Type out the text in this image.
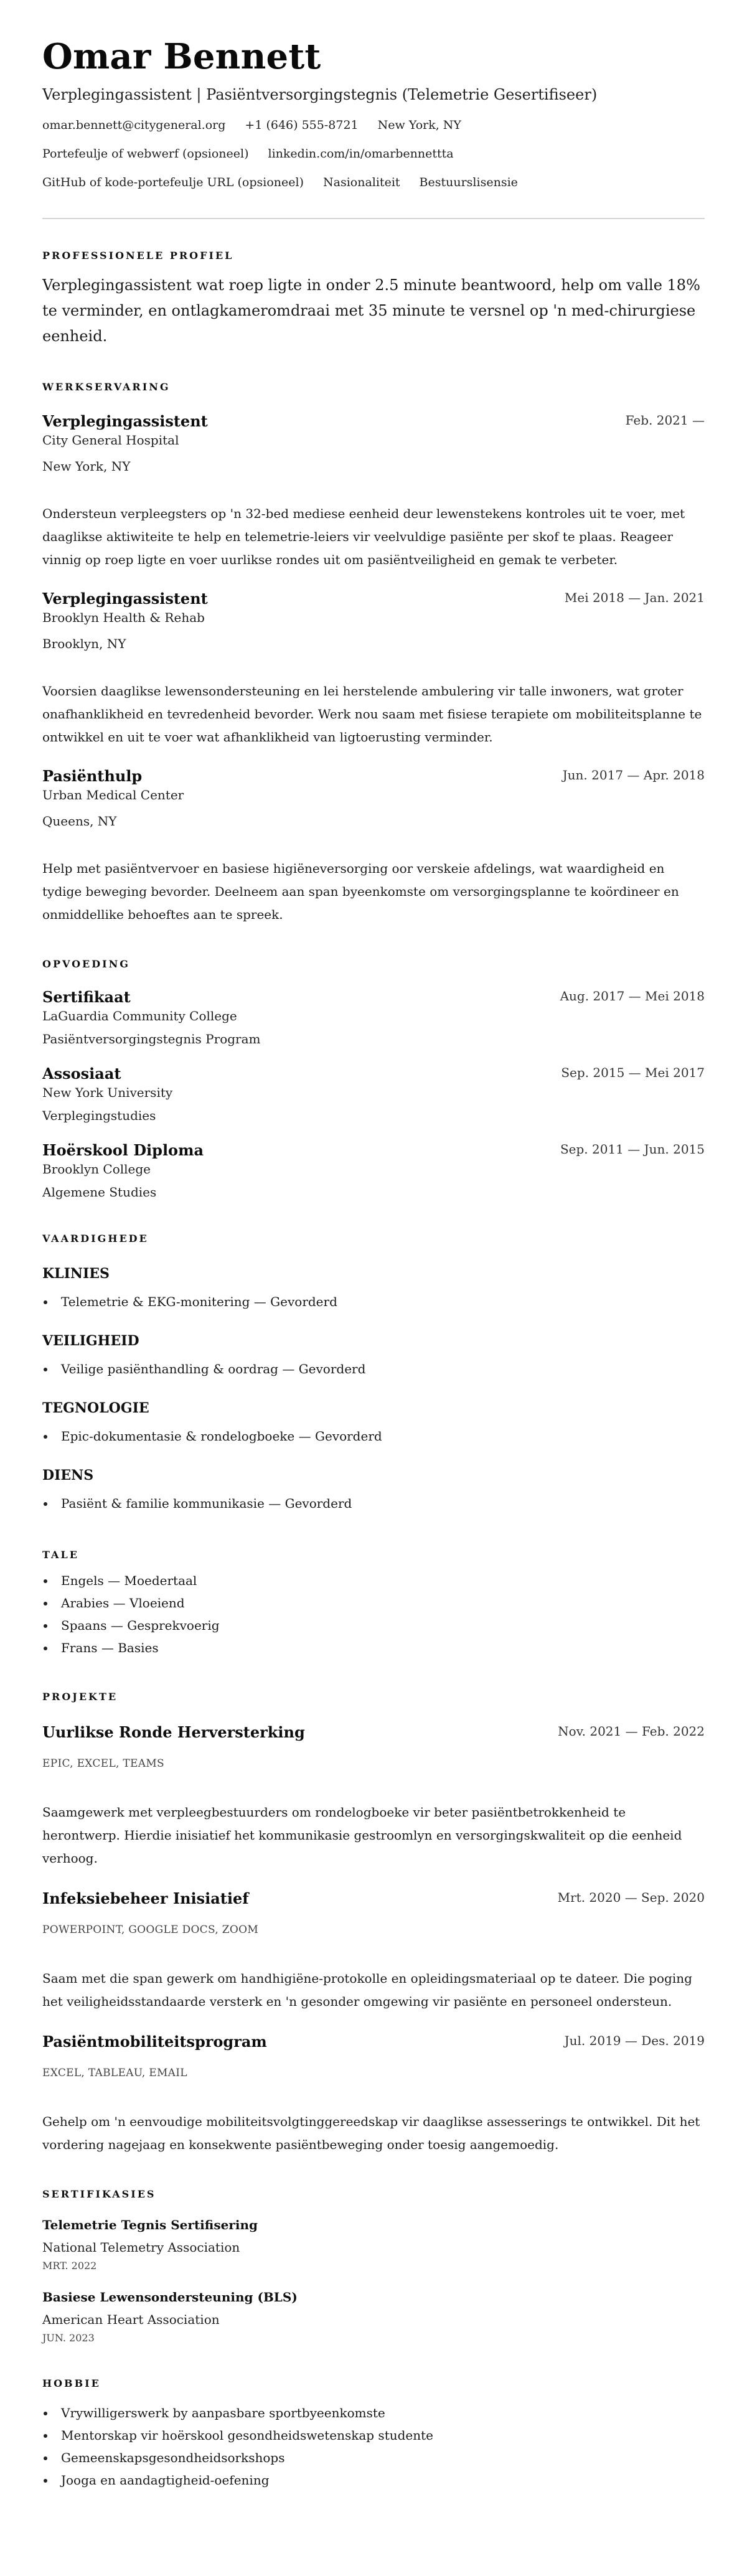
Omar Bennett
Verplegingassistent | Pasiëntversorgingstegnis (Telemetrie Gesertifiseer)
omar.bennett@citygeneral.org +1 (646) 555-8721 New York, NY
Portefeulje of webwerf (opsioneel) linkedin.com/in/omarbennettta
GitHub of kode-portefeulje URL (opsioneel) Nasionaliteit Bestuurslisensie
PROFESSIONELE PROFIEL

Verplegingassistent wat roep ligte in onder 2.5 minute beantwoord, help om valle 18% te verminder, en ontlagkameromdraai met 35 minute te versnel op 'n med-chirurgiese eenheid.

WERKSERVARING
Verplegingassistent	Feb. 2021 —
City General Hospital
New York, NY

Ondersteun verpleegsters op 'n 32-bed mediese eenheid deur lewenstekens kontroles uit te voer, met daaglikse aktiwiteite te help en telemetrie-leiers vir veelvuldige pasiënte per skof te plaas. Reageer vinnig op roep ligte en voer uurlikse rondes uit om pasiëntveiligheid en gemak te verbeter.

Verplegingassistent	Mei 2018 — Jan. 2021
Brooklyn Health & Rehab
Brooklyn, NY

Voorsien daaglikse lewensondersteuning en lei herstelende ambulering vir talle inwoners, wat groter onafhanklikheid en tevredenheid bevorder. Werk nou saam met fisiese terapiete om mobiliteitsplanne te ontwikkel en uit te voer wat afhanklikheid van ligtoerusting verminder.

Pasiënthulp	Jun. 2017 — Apr. 2018
Urban Medical Center
Queens, NY

Help met pasiëntvervoer en basiese higiëneversorging oor verskeie afdelings, wat waardigheid en tydige beweging bevorder. Deelneem aan span byeenkomste om versorgingsplanne te koördineer en onmiddellike behoeftes aan te spreek.

OPVOEDING
Sertifikaat	Aug. 2017 — Mei 2018
LaGuardia Community College
Pasiëntversorgingstegnis Program
Assosiaat	Sep. 2015 — Mei 2017
New York University
Verplegingstudies
Hoërskool Diploma	Sep. 2011 — Jun. 2015
Brooklyn College
Algemene Studies
VAARDIGHEDE
KLINIES
Telemetrie & EKG-monitering — Gevorderd
VEILIGHEID
Veilige pasiënthandling & oordrag — Gevorderd
TEGNOLOGIE
Epic-dokumentasie & rondelogboeke — Gevorderd
DIENS
Pasiënt & familie kommunikasie — Gevorderd
TALE
Engels — Moedertaal
Arabies — Vloeiend
Spaans — Gesprekvoerig
Frans — Basies
PROJEKTE
Uurlikse Ronde Herversterking	Nov. 2021 — Feb. 2022
EPIC, EXCEL, TEAMS

Saamgewerk met verpleegbestuurders om rondelogboeke vir beter pasiëntbetrokkenheid te herontwerp. Hierdie inisiatief het kommunikasie gestroomlyn en versorgingskwaliteit op die eenheid verhoog.

Infeksiebeheer Inisiatief	Mrt. 2020 — Sep. 2020
POWERPOINT, GOOGLE DOCS, ZOOM

Saam met die span gewerk om handhigiëne-protokolle en opleidingsmateriaal op te dateer. Die poging het veiligheidsstandaarde versterk en 'n gesonder omgewing vir pasiënte en personeel ondersteun.

Pasiëntmobiliteitsprogram	Jul. 2019 — Des. 2019
EXCEL, TABLEAU, EMAIL

Gehelp om 'n eenvoudige mobiliteitsvolgtinggereedskap vir daaglikse assesserings te ontwikkel. Dit het vordering nagejaag en konsekwente pasiëntbeweging onder toesig aangemoedig.

SERTIFIKASIES
Telemetrie Tegnis Sertifisering
National Telemetry Association
MRT. 2022
Basiese Lewensondersteuning (BLS)
American Heart Association
JUN. 2023
HOBBIE
Vrywilligerswerk by aanpasbare sportbyeenkomste
Mentorskap vir hoërskool gesondheidswetenskap studente
Gemeenskapsgesondheidsorkshops
Jooga en aandagtigheid-oefening
